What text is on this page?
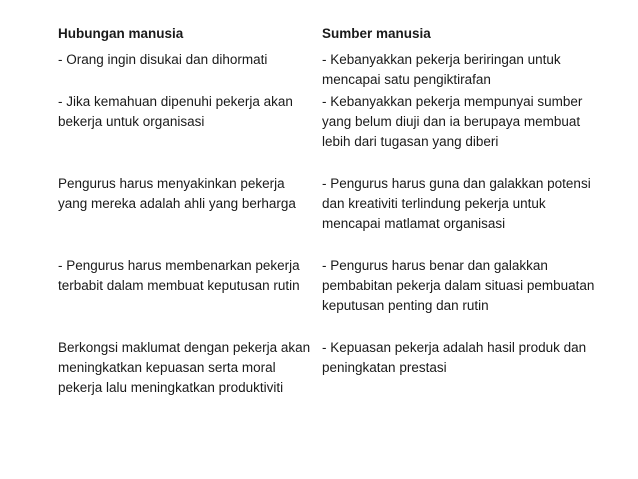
Hubungan manusia	Sumber manusia
- Orang ingin disukai dan dihormati	- Kebanyakkan pekerja beriringan untuk mencapai satu pengiktirafan
- Jika kemahuan dipenuhi pekerja akan bekerja untuk organisasi
- Kebanyakkan pekerja mempunyai sumber yang belum diuji dan ia berupaya membuat lebih dari tugasan yang diberi
Pengurus harus menyakinkan pekerja yang mereka adalah ahli yang berharga
- Pengurus harus guna dan galakkan potensi dan kreativiti terlindung pekerja untuk mencapai matlamat organisasi
- Pengurus harus membenarkan pekerja terbabit dalam membuat keputusan rutin
- Pengurus harus benar dan galakkan pembabitan pekerja dalam situasi pembuatan keputusan penting dan rutin
Berkongsi maklumat dengan pekerja akan meningkatkan kepuasan serta moral pekerja lalu meningkatkan produktiviti
- Kepuasan pekerja adalah hasil produk dan peningkatan prestasi
